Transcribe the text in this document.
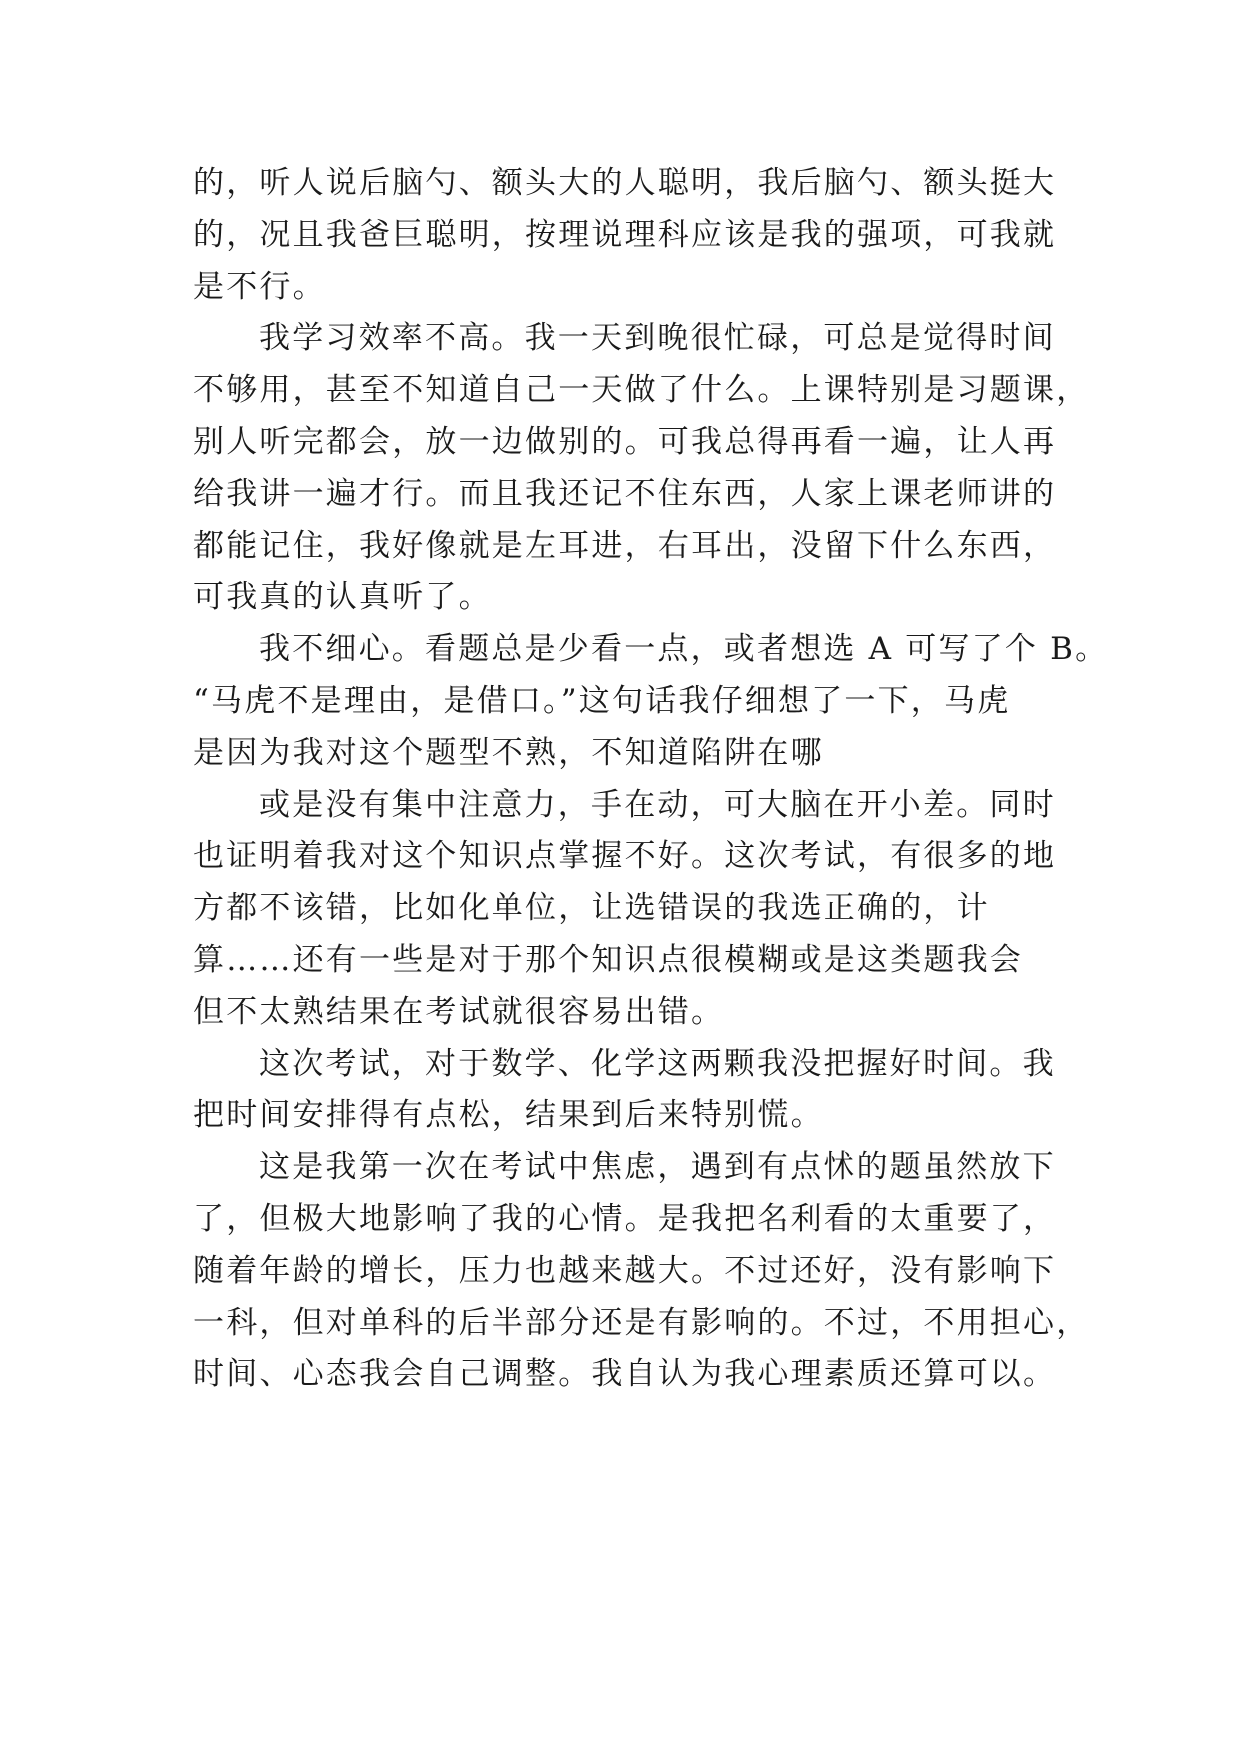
的，听人说后脑勺、额头大的人聪明，我后脑勺、额头挺大
的，况且我爸巨聪明，按理说理科应该是我的强项，可我就
是不行。
我学习效率不高。我一天到晚很忙碌，可总是觉得时间
不够用，甚至不知道自己一天做了什么。上课特别是习题课，
别人听完都会，放一边做别的。可我总得再看一遍，让人再
给我讲一遍才行。而且我还记不住东西，人家上课老师讲的
都能记住，我好像就是左耳进，右耳出，没留下什么东西，
可我真的认真听了。
我不细心。看题总是少看一点，或者想选 A 可写了个 B。
“马虎不是理由，是借口。”这句话我仔细想了一下，马虎
是因为我对这个题型不熟，不知道陷阱在哪
或是没有集中注意力，手在动，可大脑在开小差。同时
也证明着我对这个知识点掌握不好。这次考试，有很多的地
方都不该错，比如化单位，让选错误的我选正确的，计
算……还有一些是对于那个知识点很模糊或是这类题我会
但不太熟结果在考试就很容易出错。
这次考试，对于数学、化学这两颗我没把握好时间。我
把时间安排得有点松，结果到后来特别慌。
这是我第一次在考试中焦虑，遇到有点怵的题虽然放下
了，但极大地影响了我的心情。是我把名利看的太重要了，
随着年龄的增长，压力也越来越大。不过还好，没有影响下
一科，但对单科的后半部分还是有影响的。不过，不用担心，
时间、心态我会自己调整。我自认为我心理素质还算可以。
